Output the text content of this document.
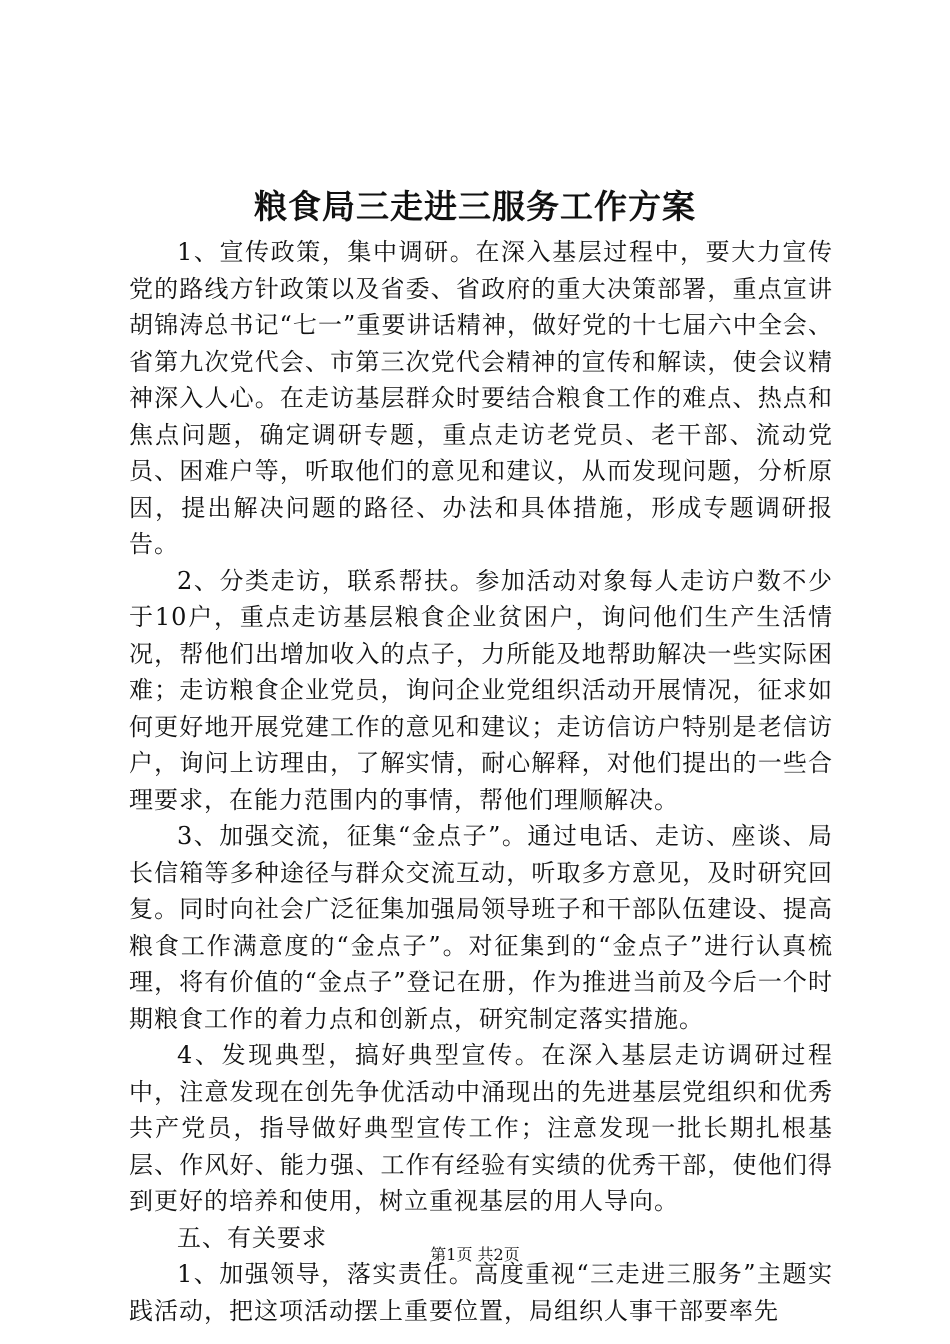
粮食局三走进三服务工作方案

1、宣传政策，集中调研。在深入基层过程中，要大力宣传党的路线方针政策以及省委、省政府的重大决策部署，重点宣讲胡锦涛总书记“七一”重要讲话精神，做好党的十七届六中全会、省第九次党代会、市第三次党代会精神的宣传和解读，使会议精神深入人心。在走访基层群众时要结合粮食工作的难点、热点和焦点问题，确定调研专题，重点走访老党员、老干部、流动党员、困难户等，听取他们的意见和建议，从而发现问题，分析原因，提出解决问题的路径、办法和具体措施，形成专题调研报告。

2、分类走访，联系帮扶。参加活动对象每人走访户数不少于10户，重点走访基层粮食企业贫困户，询问他们生产生活情况，帮他们出增加收入的点子，力所能及地帮助解决一些实际困难；走访粮食企业党员，询问企业党组织活动开展情况，征求如何更好地开展党建工作的意见和建议；走访信访户特别是老信访户，询问上访理由，了解实情，耐心解释，对他们提出的一些合理要求，在能力范围内的事情，帮他们理顺解决。

3、加强交流，征集“金点子”。通过电话、走访、座谈、局长信箱等多种途径与群众交流互动，听取多方意见，及时研究回复。同时向社会广泛征集加强局领导班子和干部队伍建设、提高粮食工作满意度的“金点子”。对征集到的“金点子”进行认真梳理，将有价值的“金点子”登记在册，作为推进当前及今后一个时期粮食工作的着力点和创新点，研究制定落实措施。

4、发现典型，搞好典型宣传。在深入基层走访调研过程中，注意发现在创先争优活动中涌现出的先进基层党组织和优秀共产党员，指导做好典型宣传工作；注意发现一批长期扎根基层、作风好、能力强、工作有经验有实绩的优秀干部，使他们得到更好的培养和使用，树立重视基层的用人导向。

五、有关要求

1、加强领导，落实责任。高度重视“三走进三服务”主题实践活动，把这项活动摆上重要位置，局组织人事干部要率先

第1页 共2页
